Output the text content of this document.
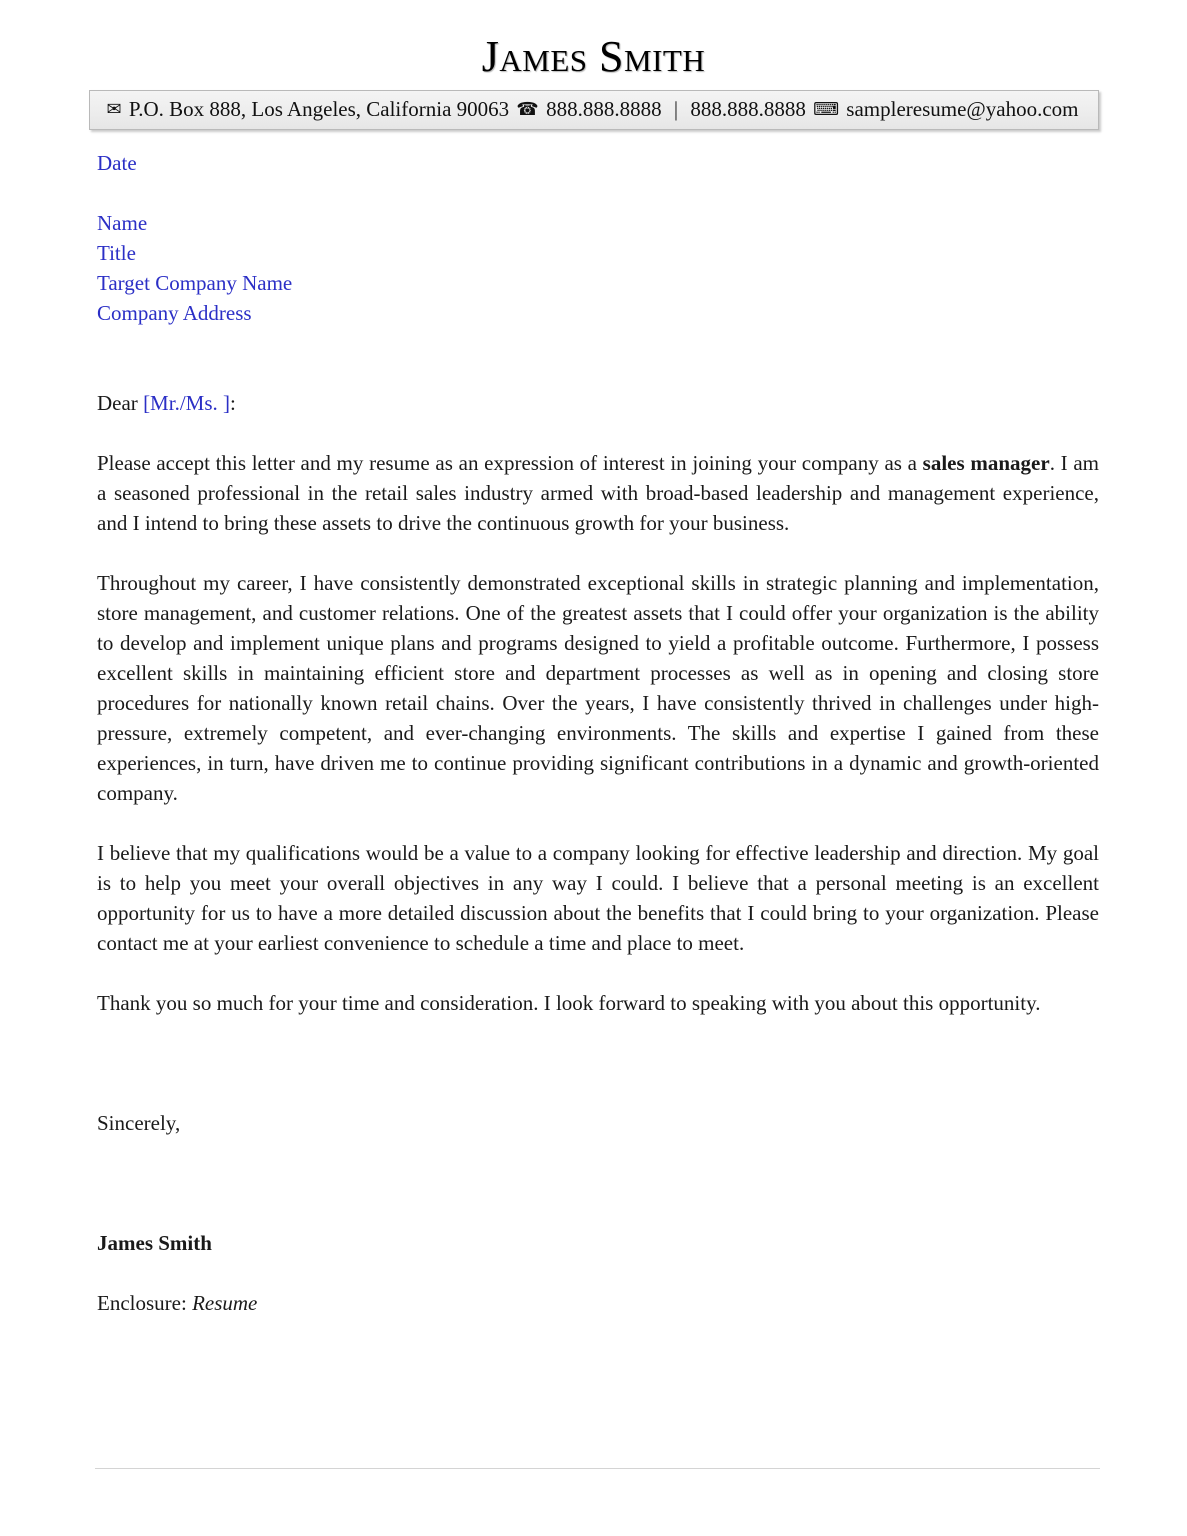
James Smith
✉ P.O. Box 888, Los Angeles, California 90063 ☎ 888.888.8888 | 888.888.8888 ⌨ sampleresume@yahoo.com
Date
Name
Title
Target Company Name
Company Address
Dear [Mr./Ms. ]:

Please accept this letter and my resume as an expression of interest in joining your company as a sales manager. I am a seasoned professional in the retail sales industry armed with broad-based leadership and management experience, and I intend to bring these assets to drive the continuous growth for your business.

Throughout my career, I have consistently demonstrated exceptional skills in strategic planning and implementation, store management, and customer relations. One of the greatest assets that I could offer your organization is the ability to develop and implement unique plans and programs designed to yield a profitable outcome. Furthermore, I possess excellent skills in maintaining efficient store and department processes as well as in opening and closing store procedures for nationally known retail chains. Over the years, I have consistently thrived in challenges under high-pressure, extremely competent, and ever-changing environments. The skills and expertise I gained from these experiences, in turn, have driven me to continue providing significant contributions in a dynamic and growth-oriented company.

I believe that my qualifications would be a value to a company looking for effective leadership and direction. My goal is to help you meet your overall objectives in any way I could. I believe that a personal meeting is an excellent opportunity for us to have a more detailed discussion about the benefits that I could bring to your organization. Please contact me at your earliest convenience to schedule a time and place to meet.

Thank you so much for your time and consideration. I look forward to speaking with you about this opportunity.

Sincerely,
James Smith
Enclosure: Resume
